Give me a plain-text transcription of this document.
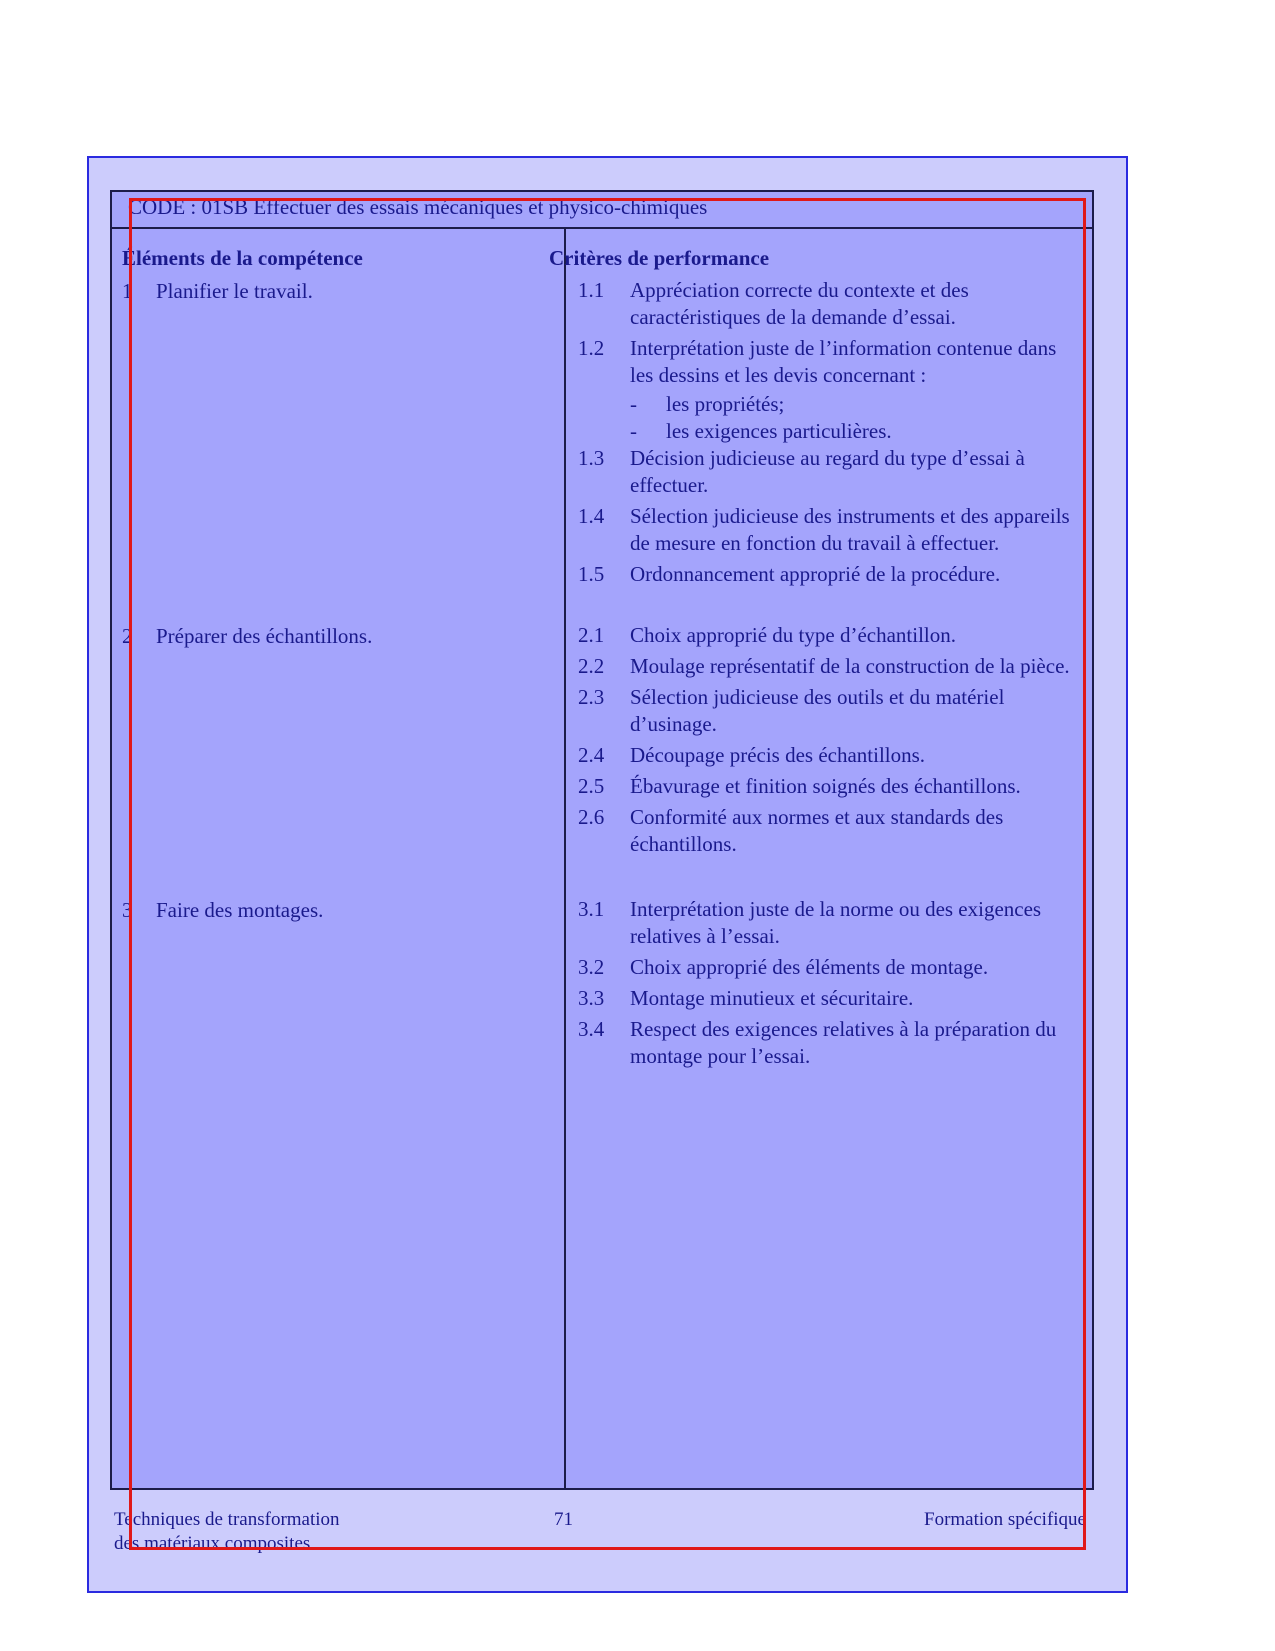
CODE : 01SB Effectuer des essais mécaniques et physico-chimiques
Éléments de la compétence	Critères de performance
1 Planifier le travail.
2 Préparer des échantillons.
3 Faire des montages.
1.1 Appréciation correcte du contexte et des caractéristiques de la demande d’essai.
1.2 Interprétation juste de l’information contenue dans les dessins et les devis concernant :
- les propriétés;
- les exigences particulières.
1.3 Décision judicieuse au regard du type d’essai à effectuer.
1.4 Sélection judicieuse des instruments et des appareils de mesure en fonction du travail à effectuer.
1.5 Ordonnancement approprié de la procédure.
2.1 Choix approprié du type d’échantillon.
2.2 Moulage représentatif de la construction de la pièce.
2.3 Sélection judicieuse des outils et du matériel d’usinage.
2.4 Découpage précis des échantillons.
2.5 Ébavurage et finition soignés des échantillons.
2.6 Conformité aux normes et aux standards des échantillons.
3.1 Interprétation juste de la norme ou des exigences relatives à l’essai.
3.2 Choix approprié des éléments de montage.
3.3 Montage minutieux et sécuritaire.
3.4 Respect des exigences relatives à la préparation du montage pour l’essai.
Techniques de transformation
des matériaux composites
71	Formation spécifique
